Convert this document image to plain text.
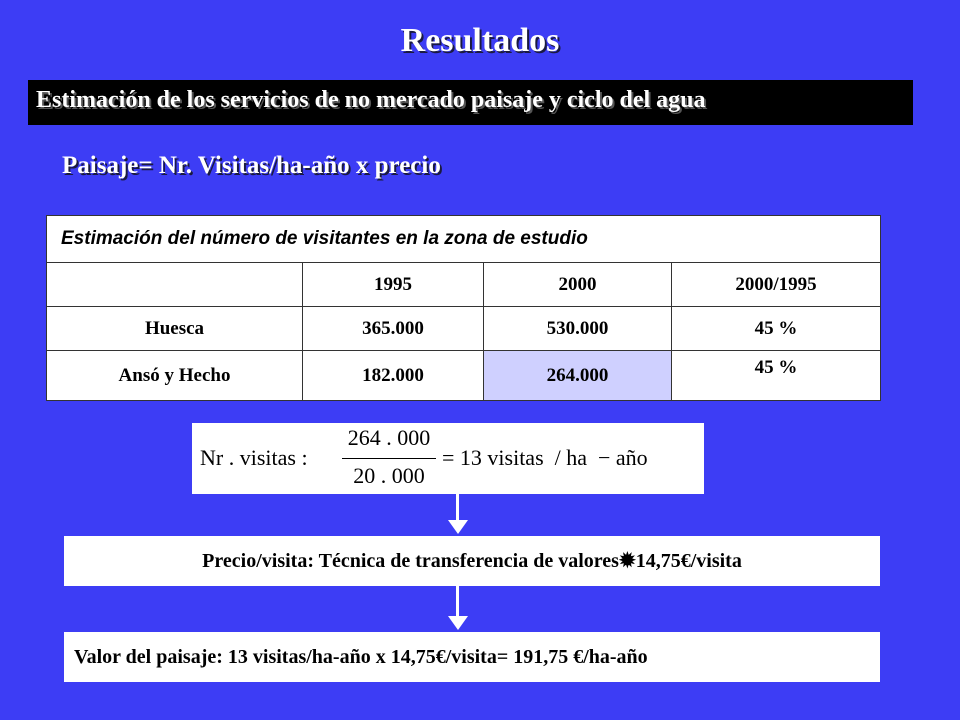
Resultados
Estimación de los servicios de no mercado paisaje y ciclo del agua
Paisaje= Nr. Visitas/ha-año x precio
Estimación del número de visitantes en la zona de estudio			
	1995	2000	2000/1995
Huesca	365.000	530.000	45 %
Ansó y Hecho	182.000	264.000	45 %
Nr . visitas :
264 . 000
20 . 000
= 13 visitas  / ha  − año
Precio/visita: Técnica de transferencia de valores✹14,75€/visita
Valor del paisaje: 13 visitas/ha-año x 14,75€/visita= 191,75 €/ha-año
